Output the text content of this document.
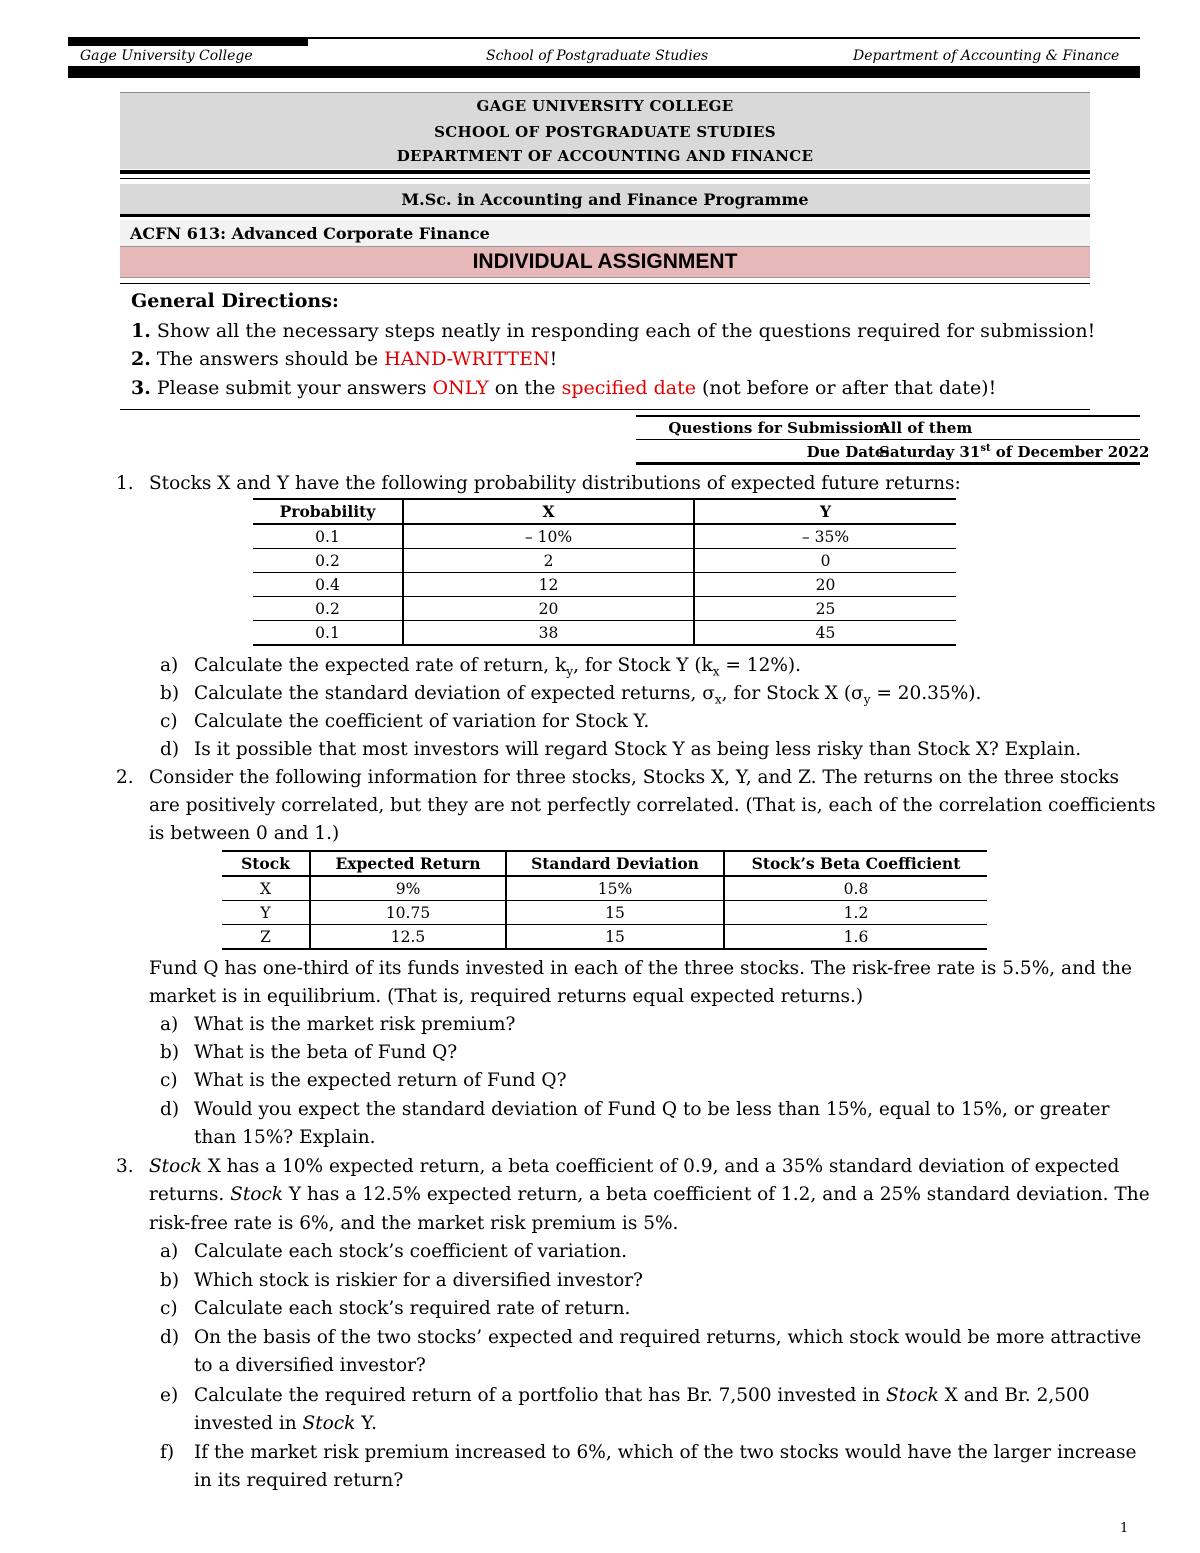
Gage University College	School of Postgraduate Studies	Department of Accounting & Finance
GAGE UNIVERSITY COLLEGE
SCHOOL OF POSTGRADUATE STUDIES
DEPARTMENT OF ACCOUNTING AND FINANCE
M.Sc. in Accounting and Finance Programme
ACFN 613: Advanced Corporate Finance
INDIVIDUAL ASSIGNMENT
General Directions:
1. Show all the necessary steps neatly in responding each of the questions required for submission!
2. The answers should be HAND-WRITTEN!
3. Please submit your answers ONLY on the specified date (not before or after that date)!
Questions for Submission:
All of them
Due Date:
Saturday 31st of December 2022
1. Stocks X and Y have the following probability distributions of expected future returns:
Probability	X	Y
0.1	– 10%	– 35%
0.2	2	0
0.4	12	20
0.2	20	25
0.1	38	45
a) Calculate the expected rate of return, $k_y$, for Stock Y $(k_x = 12\%)$.
b) Calculate the standard deviation of expected returns, $\sigma_x$, for Stock X $(\sigma_y = 20.35\%)$.
c) Calculate the coefficient of variation for Stock Y.
d) Is it possible that most investors will regard Stock Y as being less risky than Stock X? Explain.
2. Consider the following information for three stocks, Stocks X, Y, and Z. The returns on the three stocks
are positively correlated, but they are not perfectly correlated. (That is, each of the correlation coefficients
is between 0 and 1.)
Stock	Expected Return	Standard Deviation	Stock’s Beta Coefficient
X	9%	15%	0.8
Y	10.75	15	1.2
Z	12.5	15	1.6
Fund Q has one-third of its funds invested in each of the three stocks. The risk-free rate is 5.5%, and the
market is in equilibrium. (That is, required returns equal expected returns.)
a) What is the market risk premium?
b) What is the beta of Fund Q?
c) What is the expected return of Fund Q?
d) Would you expect the standard deviation of Fund Q to be less than 15%, equal to 15%, or greater
than 15%? Explain.
3. Stock X has a 10% expected return, a beta coefficient of 0.9, and a 35% standard deviation of expected
returns. Stock Y has a 12.5% expected return, a beta coefficient of 1.2, and a 25% standard deviation. The
risk-free rate is 6%, and the market risk premium is 5%.
a) Calculate each stock’s coefficient of variation.
b) Which stock is riskier for a diversified investor?
c) Calculate each stock’s required rate of return.
d) On the basis of the two stocks’ expected and required returns, which stock would be more attractive
to a diversified investor?
e) Calculate the required return of a portfolio that has Br. 7,500 invested in Stock X and Br. 2,500
invested in Stock Y.
f) If the market risk premium increased to 6%, which of the two stocks would have the larger increase
in its required return?
1
